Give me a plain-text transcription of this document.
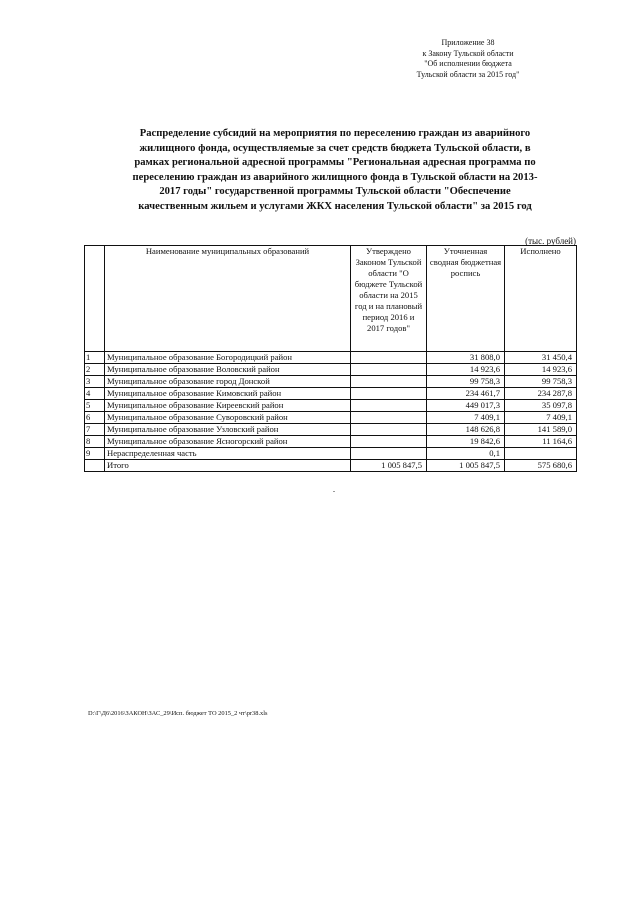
Приложение 38
к Закону Тульской области
"Об исполнении бюджета
Тульской области за 2015 год"
Распределение субсидий на мероприятия по переселению граждан из аварийного
жилищного фонда, осуществляемые за счет средств бюджета Тульской области, в
рамках региональной адресной программы "Региональная адресная программа по
переселению граждан из аварийного жилищного фонда в Тульской области на 2013-
2017 годы" государственной программы Тульской области "Обеспечение
качественным жильем и услугами ЖКХ населения Тульской области" за 2015 год
(тыс. рублей)
	Наименование муниципальных образований	Утверждено Законом Тульской области "О бюджете Тульской области на 2015 год и на плановый период 2016 и 2017 годов"	Уточненная сводная бюджетная роспись	Исполнено
1	Муниципальное образование Богородицкий район		31 808,0	31 450,4
2	Муниципальное образование Воловский район		14 923,6	14 923,6
3	Муниципальное образование город Донской		99 758,3	99 758,3
4	Муниципальное образование Кимовский район		234 461,7	234 287,8
5	Муниципальное образование Киреевский район		449 017,3	35 097,8
6	Муниципальное образование Суворовский район		7 409,1	7 409,1
7	Муниципальное образование Узловский район		148 626,8	141 589,0
8	Муниципальное образование Ясногорский район		19 842,6	11 164,6
9	Нераспределенная часть		0,1	
	Итого	1 005 847,5	1 005 847,5	575 680,6
D:\Г\Д6\2016\ЗАКОН\ЗАС_29\Исп. бюджет ТО 2015_2 чт\pr38.xls
